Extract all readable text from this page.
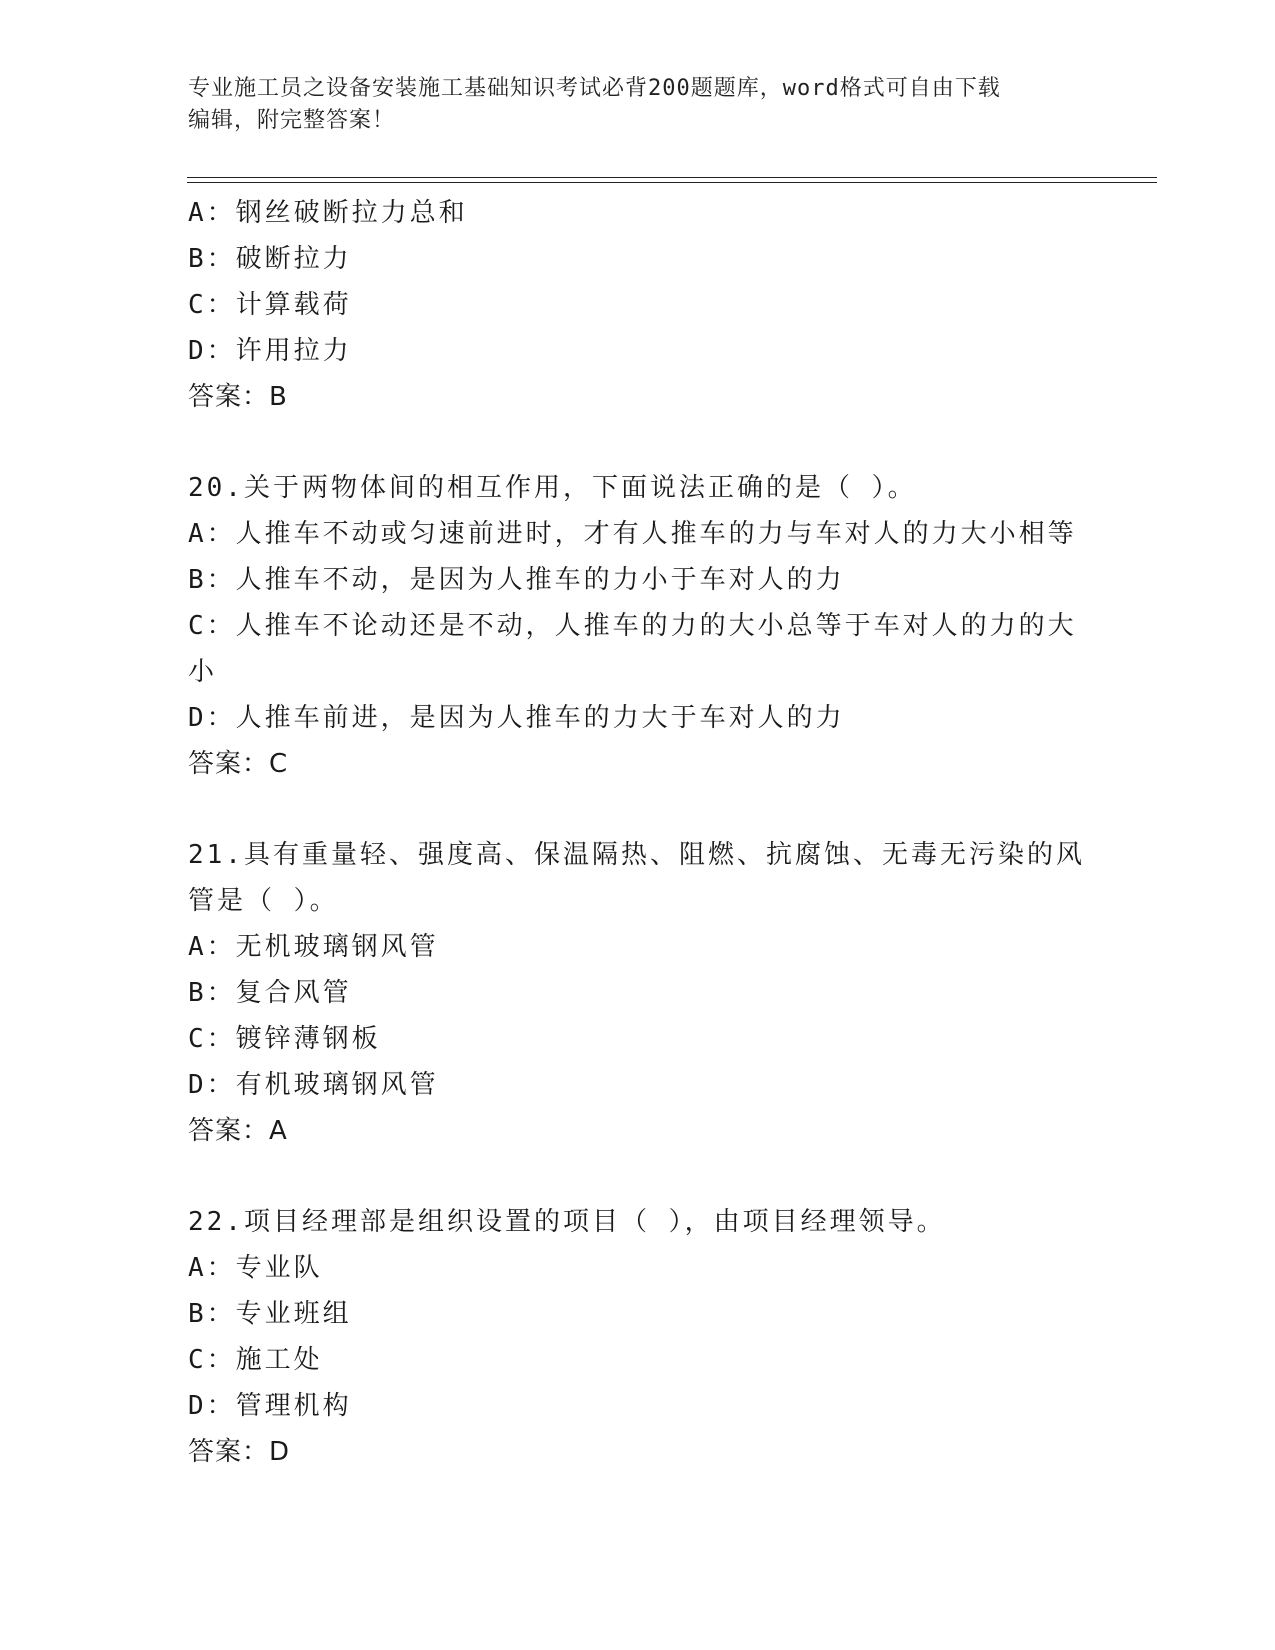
专业施工员之设备安装施工基础知识考试必背200题题库，word格式可自由下载
编辑，附完整答案！
A：钢丝破断拉力总和
B：破断拉力
C：计算载荷
D：许用拉力
答案：B
20.关于两物体间的相互作用，下面说法正确的是（ ）。
A：人推车不动或匀速前进时，才有人推车的力与车对人的力大小相等
B：人推车不动，是因为人推车的力小于车对人的力
C：人推车不论动还是不动，人推车的力的大小总等于车对人的力的大
小
D：人推车前进，是因为人推车的力大于车对人的力
答案：C
21.具有重量轻、强度高、保温隔热、阻燃、抗腐蚀、无毒无污染的风
管是（ ）。
A：无机玻璃钢风管
B：复合风管
C：镀锌薄钢板
D：有机玻璃钢风管
答案：A
22.项目经理部是组织设置的项目（ ），由项目经理领导。
A：专业队
B：专业班组
C：施工处
D：管理机构
答案：D
